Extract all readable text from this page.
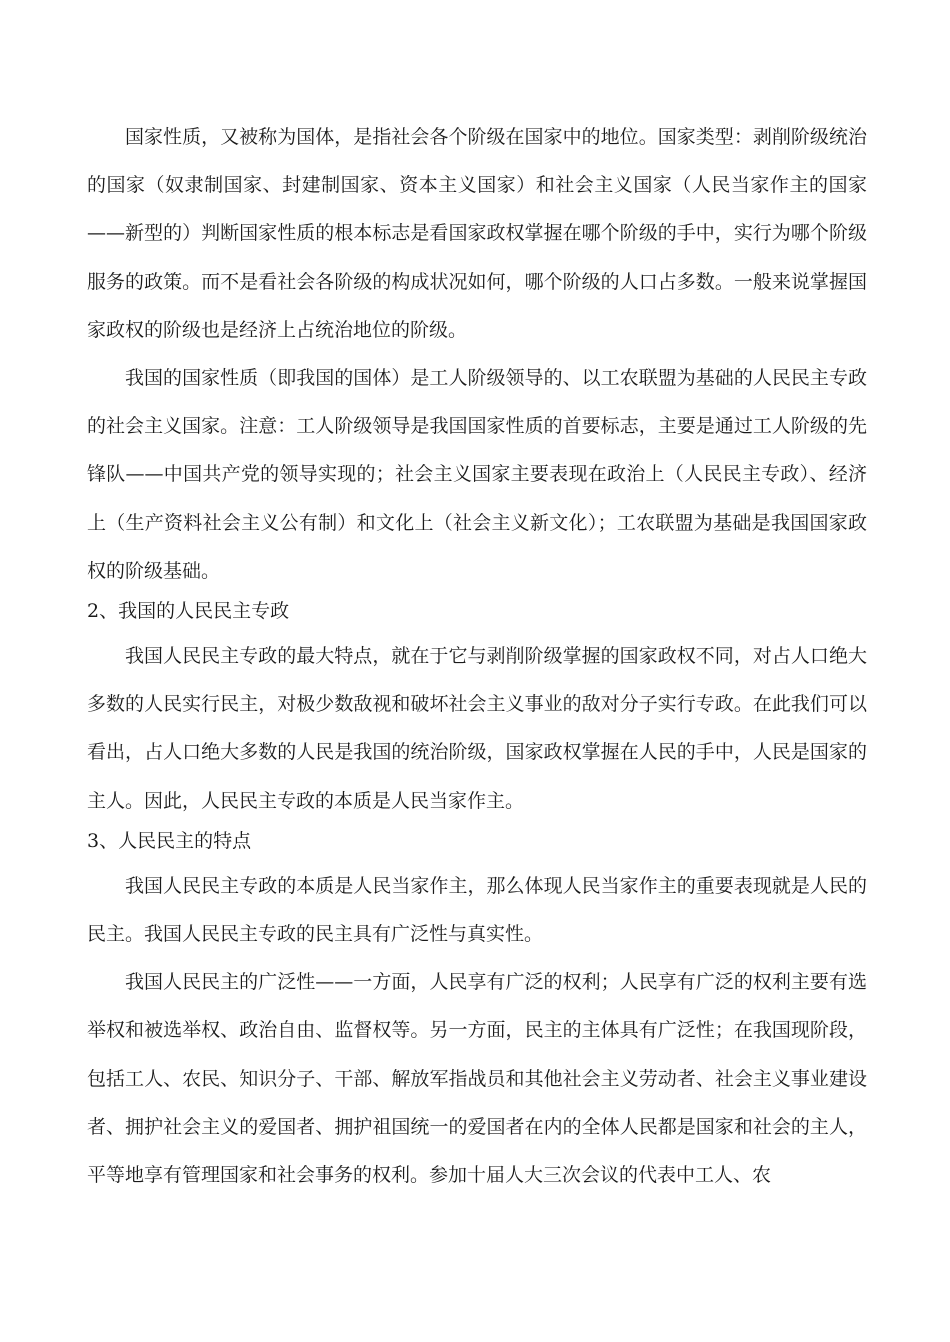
国家性质，又被称为国体，是指社会各个阶级在国家中的地位。国家类型：剥削阶级统治的国家（奴隶制国家、封建制国家、资本主义国家）和社会主义国家（人民当家作主的国家——新型的）判断国家性质的根本标志是看国家政权掌握在哪个阶级的手中，实行为哪个阶级服务的政策。而不是看社会各阶级的构成状况如何，哪个阶级的人口占多数。一般来说掌握国家政权的阶级也是经济上占统治地位的阶级。

我国的国家性质（即我国的国体）是工人阶级领导的、以工农联盟为基础的人民民主专政的社会主义国家。注意：工人阶级领导是我国国家性质的首要标志，主要是通过工人阶级的先锋队——中国共产党的领导实现的；社会主义国家主要表现在政治上（人民民主专政）、经济上（生产资料社会主义公有制）和文化上（社会主义新文化）；工农联盟为基础是我国国家政权的阶级基础。

2、我国的人民民主专政

我国人民民主专政的最大特点，就在于它与剥削阶级掌握的国家政权不同，对占人口绝大多数的人民实行民主，对极少数敌视和破坏社会主义事业的敌对分子实行专政。在此我们可以看出，占人口绝大多数的人民是我国的统治阶级，国家政权掌握在人民的手中，人民是国家的主人。因此，人民民主专政的本质是人民当家作主。

3、人民民主的特点

我国人民民主专政的本质是人民当家作主，那么体现人民当家作主的重要表现就是人民的民主。我国人民民主专政的民主具有广泛性与真实性。

我国人民民主的广泛性——一方面，人民享有广泛的权利；人民享有广泛的权利主要有选举权和被选举权、政治自由、监督权等。另一方面，民主的主体具有广泛性；在我国现阶段，包括工人、农民、知识分子、干部、解放军指战员和其他社会主义劳动者、社会主义事业建设者、拥护社会主义的爱国者、拥护祖国统一的爱国者在内的全体人民都是国家和社会的主人，平等地享有管理国家和社会事务的权利。参加十届人大三次会议的代表中工人、农
